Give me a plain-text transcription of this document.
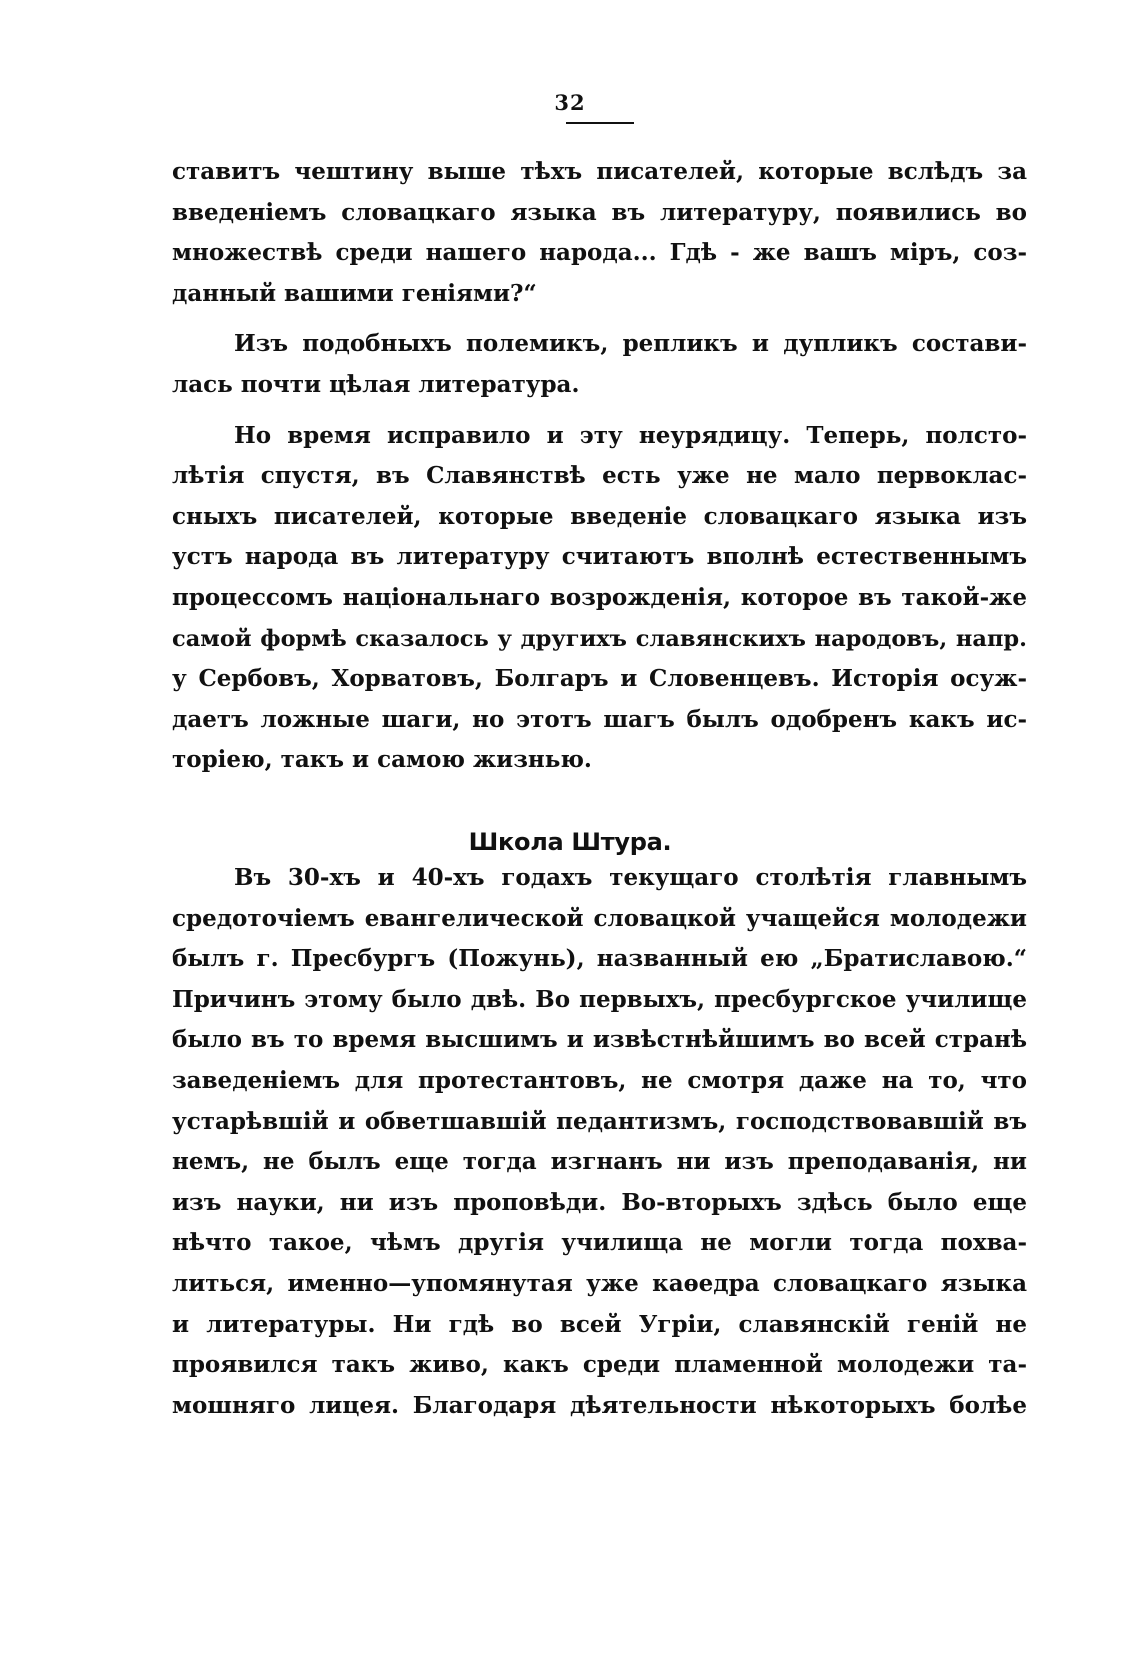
32
ставитъ чештину выше тѣхъ писателей, которые вслѣдъ за
введеніемъ словацкаго языка въ литературу, появились во
множествѣ среди нашего народа... Гдѣ - же вашъ міръ, соз-
данный вашими геніями?“
Изъ подобныхъ полемикъ, репликъ и дупликъ состави-
лась почти цѣлая литература.
Но время исправило и эту неурядицу. Теперь, полсто-
лѣтія спустя, въ Славянствѣ есть уже не мало первоклас-
сныхъ писателей, которые введеніе словацкаго языка изъ
устъ народа въ литературу считаютъ вполнѣ естественнымъ
процессомъ національнаго возрожденія, которое въ такой-же
самой формѣ сказалось у другихъ славянскихъ народовъ, напр.
у Сербовъ, Хорватовъ, Болгаръ и Словенцевъ. Исторія осуж-
даетъ ложные шаги, но этотъ шагъ былъ одобренъ какъ ис-
торіею, такъ и самою жизнью.
Школа Штура.
Въ 30-хъ и 40-хъ годахъ текущаго столѣтія главнымъ
средоточіемъ евангелической словацкой учащейся молодежи
былъ г. Пресбургъ (Пожунь), названный ею „Братиславою.“
Причинъ этому было двѣ. Во первыхъ, пресбургское училище
было въ то время высшимъ и извѣстнѣйшимъ во всей странѣ
заведеніемъ для протестантовъ, не смотря даже на то, что
устарѣвшій и обветшавшій педантизмъ, господствовавшій въ
немъ, не былъ еще тогда изгнанъ ни изъ преподаванія, ни
изъ науки, ни изъ проповѣди. Во-вторыхъ здѣсь было еще
нѣчто такое, чѣмъ другія училища не могли тогда похва-
литься, именно—упомянутая уже каѳедра словацкаго языка
и литературы. Ни гдѣ во всей Угріи, славянскій геній не
проявился такъ живо, какъ среди пламенной молодежи та-
мошняго лицея. Благодаря дѣятельности нѣкоторыхъ болѣе
